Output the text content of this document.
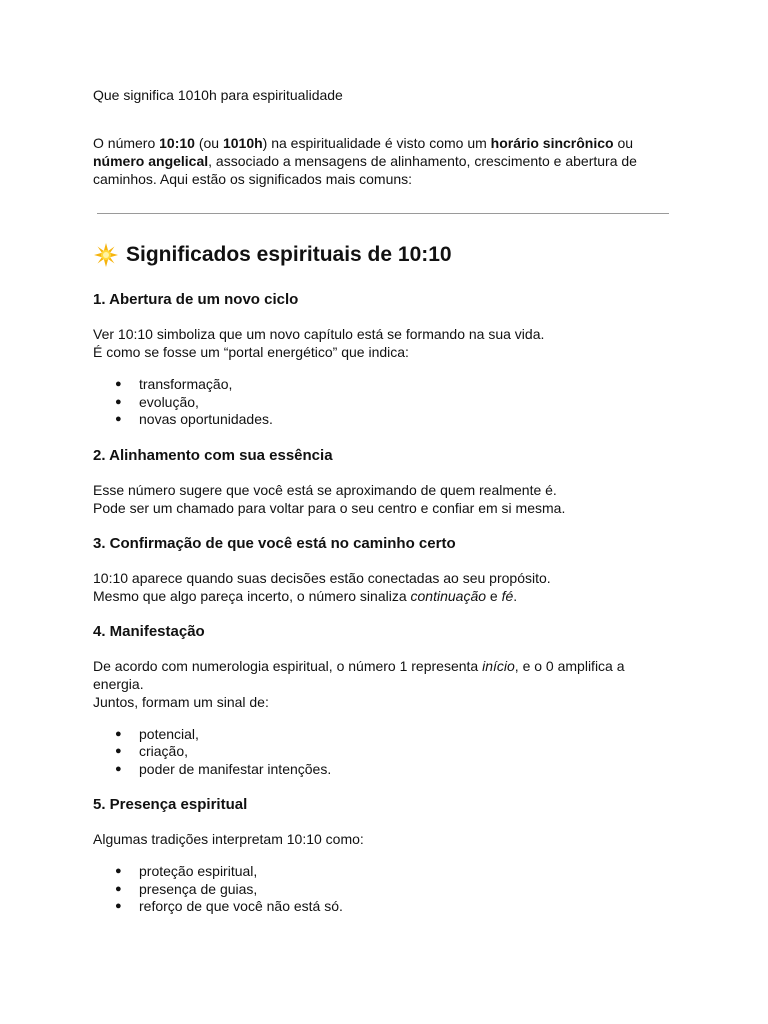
Que significa 1010h para espiritualidade

O número 10:10 (ou 1010h) na espiritualidade é visto como um horário sincrônico ou número angelical, associado a mensagens de alinhamento, crescimento e abertura de caminhos. Aqui estão os significados mais comuns:

Significados espirituais de 10:10
1. Abertura de um novo ciclo

Ver 10:10 simboliza que um novo capítulo está se formando na sua vida.
É como se fosse um “portal energético” que indica:

● transformação,
● evolução,
● novas oportunidades.
2. Alinhamento com sua essência

Esse número sugere que você está se aproximando de quem realmente é.
Pode ser um chamado para voltar para o seu centro e confiar em si mesma.

3. Confirmação de que você está no caminho certo

10:10 aparece quando suas decisões estão conectadas ao seu propósito.
Mesmo que algo pareça incerto, o número sinaliza continuação e fé.

4. Manifestação

De acordo com numerologia espiritual, o número 1 representa início, e o 0 amplifica a energia.
Juntos, formam um sinal de:

● potencial,
● criação,
● poder de manifestar intenções.
5. Presença espiritual

Algumas tradições interpretam 10:10 como:

● proteção espiritual,
● presença de guias,
● reforço de que você não está só.
